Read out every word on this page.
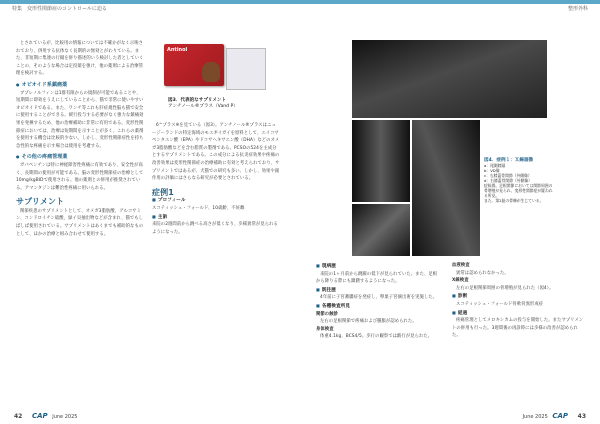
特集　変形性関節症のコントロールに迫る	整形外科

とされているが、比較用の情報については不確かがなく示唆されており、併用する抗体なく長期的の無効とがわりている。また、非短期に集連の行撮を併り描述的いう検討した者としていくことの、そのような場合は定投薬を強け、他の薬剤による治療管理を検討する。

● オピオイド系鎮痛薬

ブプレノルフィンは1群有限からの規制が可能であることや、短期間に即効をうえにしていることから、猫で非常に使いやすいオピオイドである。また、ワンチ等これも肝症規性脳も猫で安全に使用することができる。緩行投与する必要がなく強力な鎮痛効果を発揮するため、他の治療補助に非常に有用である。変形性関節症においては、治療は短期間を示すことが多く、これらの薬剤を使用する機会は比較的少ない。しかし、変形性関節症性を持ち急性的な疼痛を示す場合は使用を考慮する。

● その他の疼痛管理薬

ガバペンチンは特に神経障害性疼痛に有効であり、安全性が高く、長期間の使用が可能である。脳の変形性関節症の治療として10mg/kgBIDで使用される。他の薬剤との併用が推奨されている。アマンタジンは難治性疼痛に用いられる。

サプリメント

関節疾患のサプリメントとして、オメガ3脂肪酸、グルコサミン、コンドロイチン硫酸、緑イ貝抽出物などが含まれ、猫でもしばしば使用されている。サプリメントはあくまでも補助的なものとして、ほかの治療と組み合わせて使用する。

Antinol
図3．代表的なサプリメント
アンチノール®プラス（Vand P）

6^プラス※を見ている（図3）。アンチノール®プラスはニュージーランドの特定海域のモエギイガイを原料として、エイコサペンタエン酸（EPA）やドコサヘキサエン酸（DHA）などのオメガ3脂肪酸などを含む脂質の製剤である。PCSOの524を主成分とするサプリメントである。この成分による抗炎症効果や疼痛の改善効果は変形性関節症の治療補助に有効と考えられており、サプリメントではあるが、犬猫での研究も多い。しかし、効果や副作用の評価にはさらなる研究が必要とされている。

症例1
■ プロフィール
スコティッシュ・フォールド、10歳齢、不妊雌
■ 主訴
来院の2週間前から跳べる高さが低くなり、歩様異常が見られるようになった。
図4．症例１：Ｘ線画像
a：尾側膝頭
b：VD像
c：右膝蓋骨関節（外側像）
d：右膝蓋骨関節（外側像）
症候群。足根関節においては関節周囲の骨増殖が見られ、変形性関節症が疑われる所見。
また、第2趾の骨棘が生じている。
■ 現病歴

来院の1ヶ月前から跳躍の低下が見られていた。また、足根から降りる際にも躊躇するようになった。

■ 既往歴

4年前に子宮蓄膿症を発症し、卵巣子宮摘出術を実施した。

■ 各種検査所見
関節の触診

左右の足根関節で疼痛および腫脹が認められた。

身体検査

体重4.1kg、BCS4/5。歩行の観察では跛行が見られた。

血液検査

異常は認められなかった。

X線検査

左右の足根関節周囲の骨増殖が見られた（図4）。

■ 診断

スコティッシュ・フォールド骨軟骨異形成症

■ 経過

疼痛管理としてメロキシカムの投与を開始した。またサプリメントの併用も行った。3週間後の再診時には歩様の改善が認められた。

42 CAP June 2025	June 2025 CAP 43
